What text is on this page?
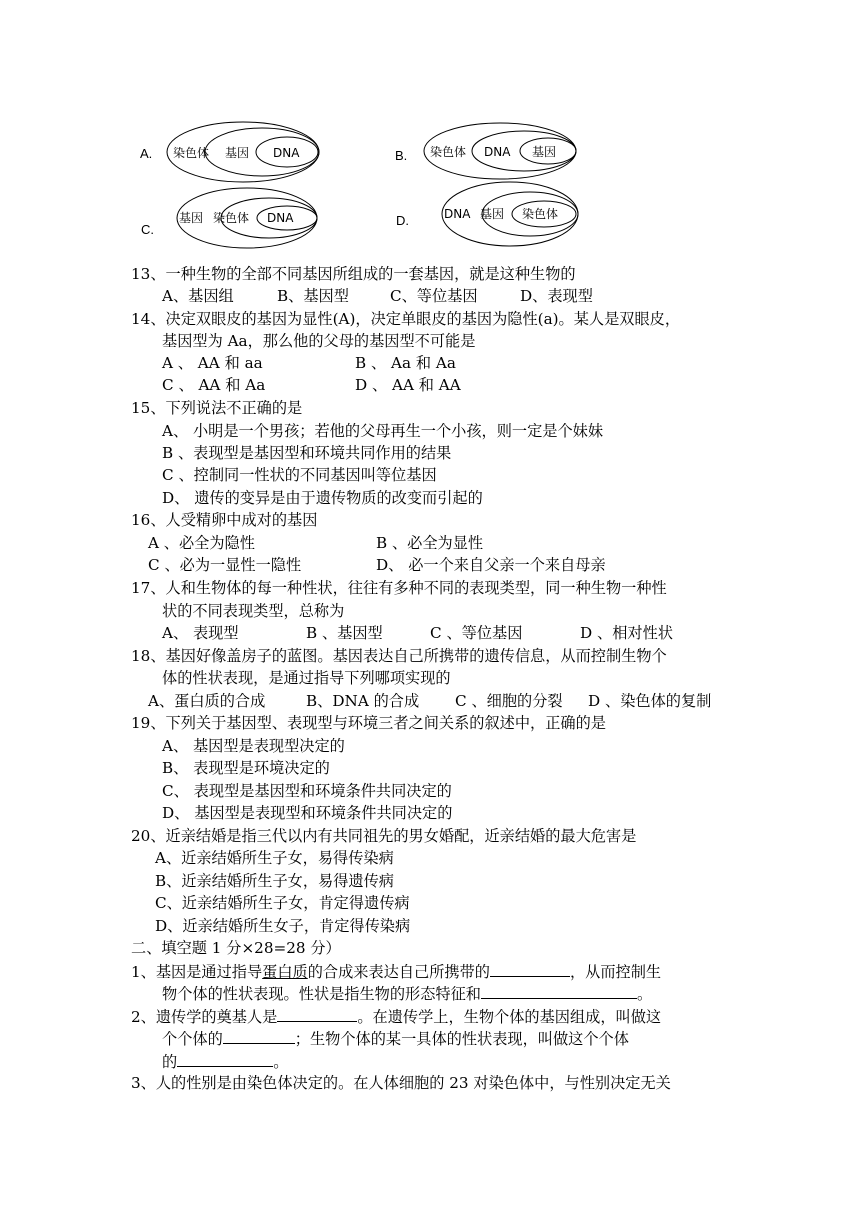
染色体 基因 DNA
A.	染色体 DNA 基因
B.
基因 染色体 DNA
C.
DNA 基因 染色体
D.
13、一种生物的全部不同基因所组成的一套基因，就是这种生物的
A、基因组	B、基因型	C、等位基因	D、表现型
14、决定双眼皮的基因为显性(A)，决定单眼皮的基因为隐性(a)。某人是双眼皮，
基因型为 Aa，那么他的父母的基因型不可能是
A 、 AA 和 aa	B 、 Aa 和 Aa
C 、 AA 和 Aa	D 、 AA 和 AA
15、下列说法不正确的是
A、 小明是一个男孩；若他的父母再生一个小孩，则一定是个妹妹
B 、表现型是基因型和环境共同作用的结果
C 、控制同一性状的不同基因叫等位基因
D、 遗传的变异是由于遗传物质的改变而引起的
16、人受精卵中成对的基因
A 、必全为隐性	B 、必全为显性
C 、必为一显性一隐性	D、 必一个来自父亲一个来自母亲
17、人和生物体的每一种性状，往往有多种不同的表现类型，同一种生物一种性
状的不同表现类型，总称为
A、 表现型	B 、基因型	C 、等位基因	D 、相对性状
18、基因好像盖房子的蓝图。基因表达自己所携带的遗传信息，从而控制生物个
体的性状表现，是通过指导下列哪项实现的
A、蛋白质的合成	B、DNA 的合成 C 、细胞的分裂 D 、染色体的复制
19、下列关于基因型、表现型与环境三者之间关系的叙述中，正确的是
A、 基因型是表现型决定的
B、 表现型是环境决定的
C、 表现型是基因型和环境条件共同决定的
D、 基因型是表现型和环境条件共同决定的
20、近亲结婚是指三代以内有共同祖先的男女婚配，近亲结婚的最大危害是
A、近亲结婚所生子女，易得传染病
B、近亲结婚所生子女，易得遗传病
C、近亲结婚所生子女，肯定得遗传病
D、近亲结婚所生女子，肯定得传染病
二、填空题 1 分×28=28 分）
1、基因是通过指导蛋白质的合成来表达自己所携带的	，从而控制生
物个体的性状表现。性状是指生物的形态特征和	。
2、遗传学的奠基人是	。在遗传学上，生物个体的基因组成，叫做这
个个体的	；生物个体的某一具体的性状表现，叫做这个个体
的	。
3、人的性别是由染色体决定的。在人体细胞的 23 对染色体中，与性别决定无关
